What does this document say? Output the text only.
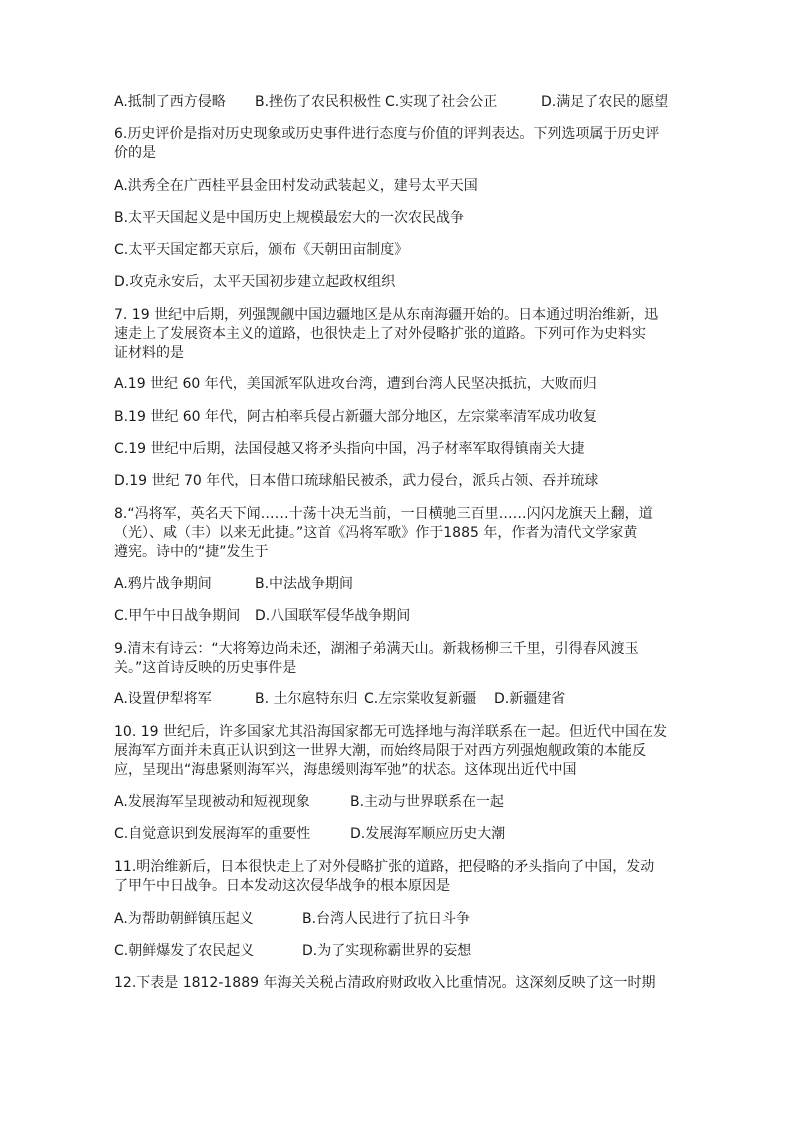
A.抵制了西方侵略 B.挫伤了农民积极性 C.实现了社会公正	D.满足了农民的愿望
6.历史评价是指对历史现象或历史事件进行态度与价值的评判表达。下列选项属于历史评
价的是
A.洪秀全在广西桂平县金田村发动武装起义，建号太平天国
B.太平天国起义是中国历史上规模最宏大的一次农民战争
C.太平天国定都天京后，颁布《天朝田亩制度》
D.攻克永安后，太平天国初步建立起政权组织
7. 19 世纪中后期，列强觊觎中国边疆地区是从东南海疆开始的。日本通过明治维新，迅
速走上了发展资本主义的道路，也很快走上了对外侵略扩张的道路。下列可作为史料实
证材料的是
A.19 世纪 60 年代，美国派军队进攻台湾，遭到台湾人民坚决抵抗，大败而归
B.19 世纪 60 年代，阿古柏率兵侵占新疆大部分地区，左宗棠率清军成功收复
C.19 世纪中后期，法国侵越又将矛头指向中国，冯子材率军取得镇南关大捷
D.19 世纪 70 年代，日本借口琉球船民被杀，武力侵台，派兵占领、吞并琉球
8.“冯将军，英名天下闻……十荡十决无当前，一日横驰三百里……闪闪龙旗天上翻，道
（光）、咸（丰）以来无此捷。”这首《冯将军歌》作于1885 年，作者为清代文学家黄
遵宪。诗中的“捷”发生于
A.鸦片战争期间	B.中法战争期间
C.甲午中日战争期间 D.八国联军侵华战争期间
9.清末有诗云：“大将筹边尚未还，湖湘子弟满天山。新栽杨柳三千里，引得春风渡玉
关。”这首诗反映的历史事件是
A.设置伊犁将军	B. 土尔扈特东归 C.左宗棠收复新疆 D.新疆建省
10. 19 世纪后，许多国家尤其沿海国家都无可选择地与海洋联系在一起。但近代中国在发
展海军方面并未真正认识到这一世界大潮，而始终局限于对西方列强炮舰政策的本能反
应，呈现出“海患紧则海军兴，海患缓则海军弛”的状态。这体现出近代中国
A.发展海军呈现被动和短视现象	B.主动与世界联系在一起
C.自觉意识到发展海军的重要性	D.发展海军顺应历史大潮
11.明治维新后，日本很快走上了对外侵略扩张的道路，把侵略的矛头指向了中国，发动
了甲午中日战争。日本发动这次侵华战争的根本原因是
A.为帮助朝鲜镇压起义	B.台湾人民进行了抗日斗争
C.朝鲜爆发了农民起义	D.为了实现称霸世界的妄想
12.下表是 1812-1889 年海关关税占清政府财政收入比重情况。这深刻反映了这一时期
